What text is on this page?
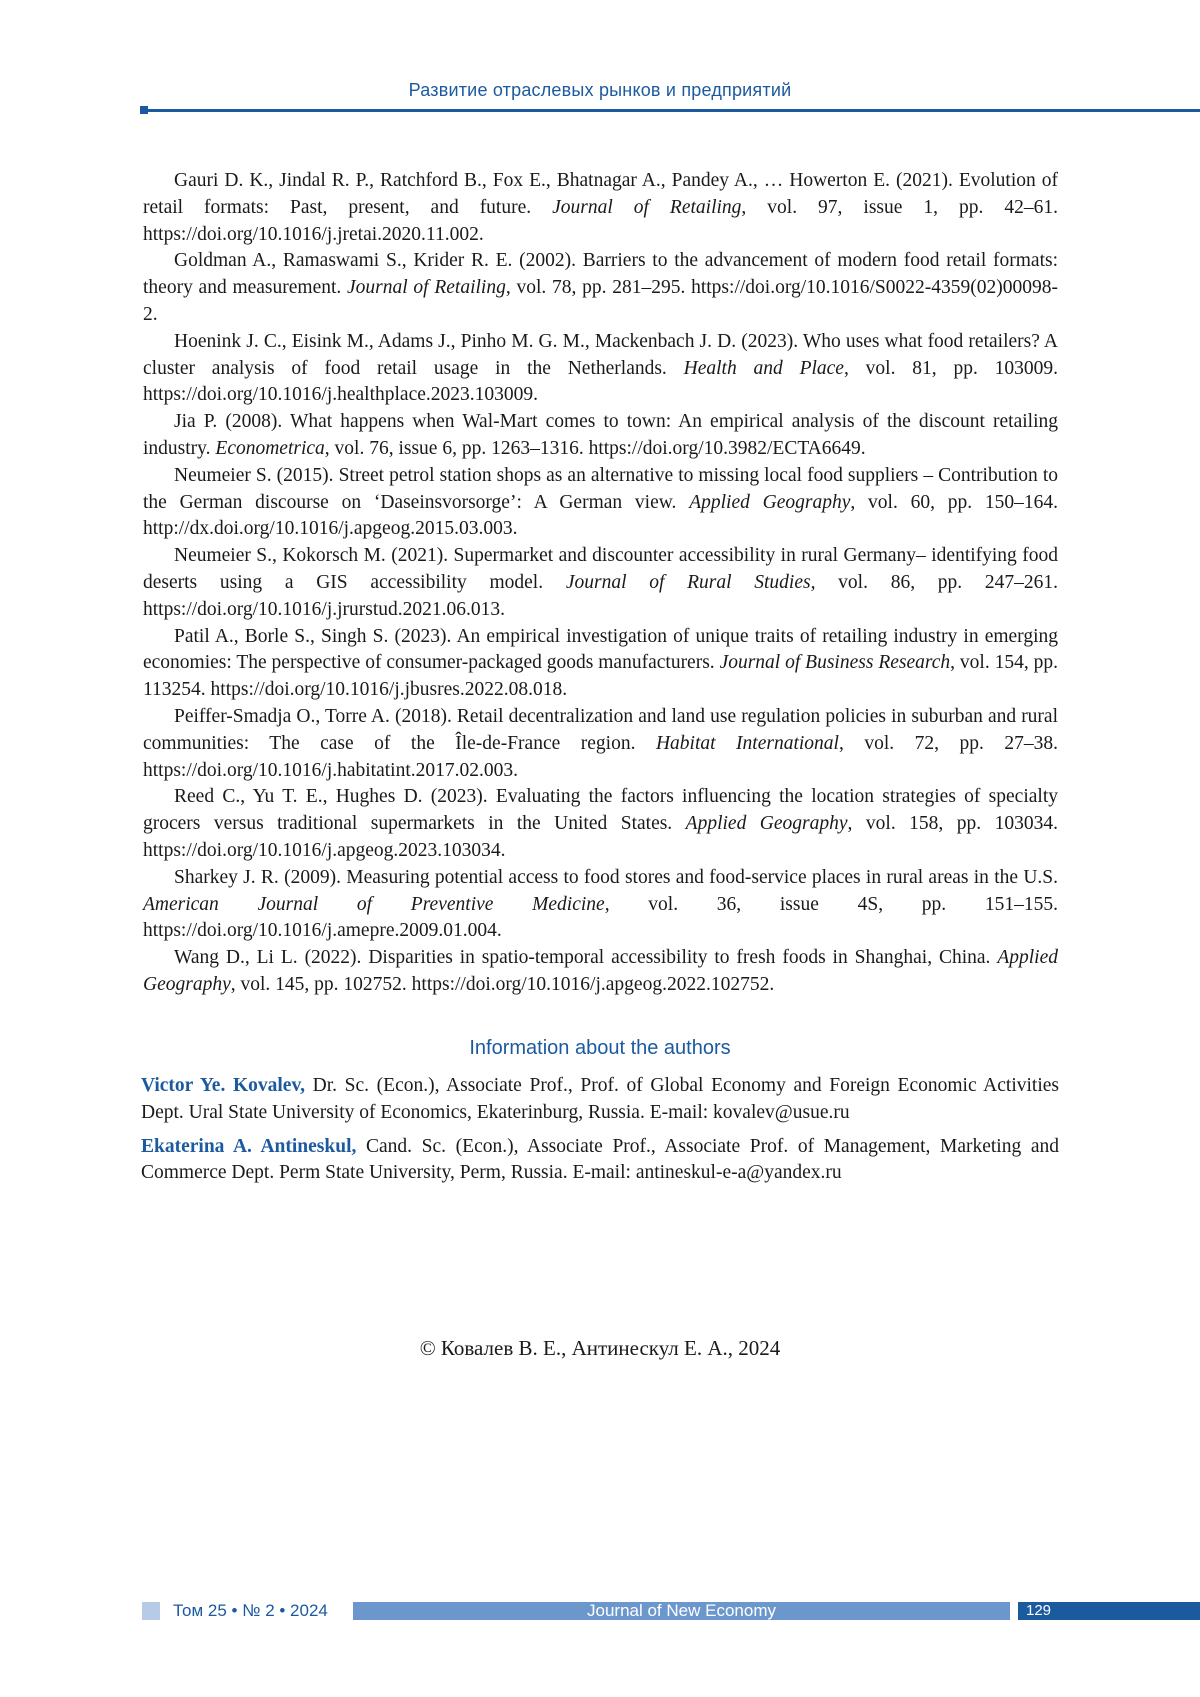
Развитие отраслевых рынков и предприятий

Gauri D. K., Jindal R. P., Ratchford B., Fox E., Bhatnagar A., Pandey A., … Howerton E. (2021). Evolution of retail formats: Past, present, and future. Journal of Retailing, vol. 97, issue 1, pp. 42–61. https://doi.org/10.1016/j.jretai.2020.11.002.

Goldman A., Ramaswami S., Krider R. E. (2002). Barriers to the advancement of modern food retail formats: theory and measurement. Journal of Retailing, vol. 78, pp. 281–295. https://doi.org/10.1016/S0022-4359(02)00098-2.

Hoenink J. C., Eisink M., Adams J., Pinho M. G. M., Mackenbach J. D. (2023). Who uses what food retailers? A cluster analysis of food retail usage in the Netherlands. Health and Place, vol. 81, pp. 103009. https://doi.org/10.1016/j.healthplace.2023.103009.

Jia P. (2008). What happens when Wal-Mart comes to town: An empirical analysis of the discount retailing industry. Econometrica, vol. 76, issue 6, pp. 1263–1316. https://doi.org/10.3982/ECTA6649.

Neumeier S. (2015). Street petrol station shops as an alternative to missing local food suppliers – Contribution to the German discourse on ‘Daseinsvorsorge’: A German view. Applied Geography, vol. 60, pp. 150–164. http://dx.doi.org/10.1016/j.apgeog.2015.03.003.

Neumeier S., Kokorsch M. (2021). Supermarket and discounter accessibility in rural Germany– identifying food deserts using a GIS accessibility model. Journal of Rural Studies, vol. 86, pp. 247–261. https://doi.org/10.1016/j.jrurstud.2021.06.013.

Patil A., Borle S., Singh S. (2023). An empirical investigation of unique traits of retailing industry in emerging economies: The perspective of consumer-packaged goods manufacturers. Journal of Business Research, vol. 154, pp. 113254. https://doi.org/10.1016/j.jbusres.2022.08.018.

Peiffer-Smadja O., Torre A. (2018). Retail decentralization and land use regulation policies in suburban and rural communities: The case of the Île-de-France region. Habitat International, vol. 72, pp. 27–38. https://doi.org/10.1016/j.habitatint.2017.02.003.

Reed C., Yu T. E., Hughes D. (2023). Evaluating the factors influencing the location strategies of specialty grocers versus traditional supermarkets in the United States. Applied Geography, vol. 158, pp. 103034. https://doi.org/10.1016/j.apgeog.2023.103034.

Sharkey J. R. (2009). Measuring potential access to food stores and food-service places in rural areas in the U.S. American Journal of Preventive Medicine, vol. 36, issue 4S, pp. 151–155. https://doi.org/10.1016/j.amepre.2009.01.004.

Wang D., Li L. (2022). Disparities in spatio-temporal accessibility to fresh foods in Shanghai, China. Applied Geography, vol. 145, pp. 102752. https://doi.org/10.1016/j.apgeog.2022.102752.

Information about the authors

Victor Ye. Kovalev, Dr. Sc. (Econ.), Associate Prof., Prof. of Global Economy and Foreign Economic Activities Dept. Ural State University of Economics, Ekaterinburg, Russia. E-mail: kovalev@usue.ru

Ekaterina A. Antineskul, Cand. Sc. (Econ.), Associate Prof., Associate Prof. of Management, Marketing and Commerce Dept. Perm State University, Perm, Russia. E-mail: antineskul-e-a@yandex.ru

© Ковалев В. Е., Антинескул Е. А., 2024
Том 25 • № 2 • 2024	Journal of New Economy	129
